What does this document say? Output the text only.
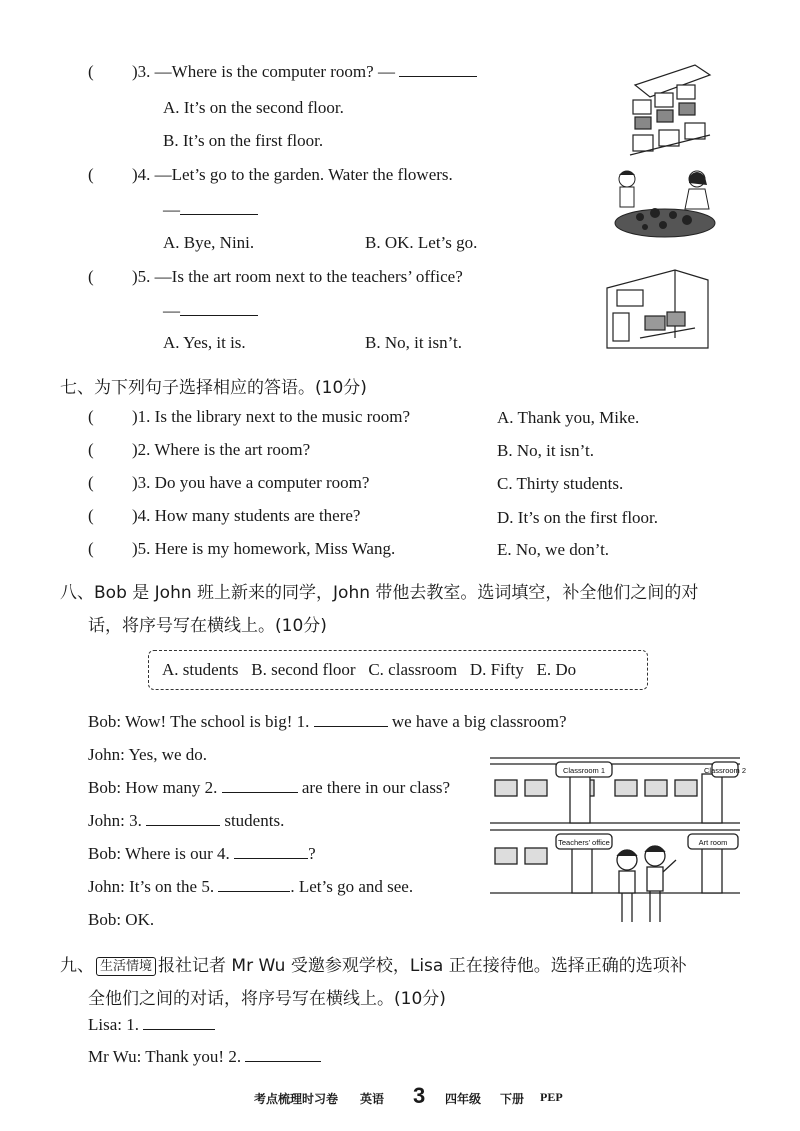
( )3. —Where is the computer room? —
A. It’s on the second floor.
B. It’s on the first floor.
( )4. —Let’s go to the garden. Water the flowers.
—
A. Bye, Nini.	B. OK. Let’s go.
( )5. —Is the art room next to the teachers’ office?
—
A. Yes, it is.	B. No, it isn’t.
七、为下列句子选择相应的答语。(10分)
( )1. Is the library next to the music room?	A. Thank you, Mike.
( )2. Where is the art room?	B. No, it isn’t.
( )3. Do you have a computer room?	C. Thirty students.
( )4. How many students are there?	D. It’s on the first floor.
( )5. Here is my homework, Miss Wang.	E. No, we don’t.
八、Bob 是 John 班上新来的同学，John 带他去教室。选词填空，补全他们之间的对
话，将序号写在横线上。(10分)
A. students   B. second floor   C. classroom   D. Fifty   E. Do
Bob: Wow! The school is big! 1.	we have a big classroom?
John: Yes, we do.
Bob: How many 2.	are there in our class?
John: 3.	students.
Bob: Where is our 4.	?
John: It’s on the 5.	. Let’s go and see.
Bob: OK.
Classroom 1	Classroom 2
Teachers’ office	Art room
九、 生活情境 报社记者 Mr Wu 受邀参观学校，Lisa 正在接待他。选择正确的选项补
全他们之间的对话，将序号写在横线上。(10分)
Lisa: 1.
Mr Wu: Thank you! 2.
考点梳理时习卷 英语 3 四年级 下册 PEP
